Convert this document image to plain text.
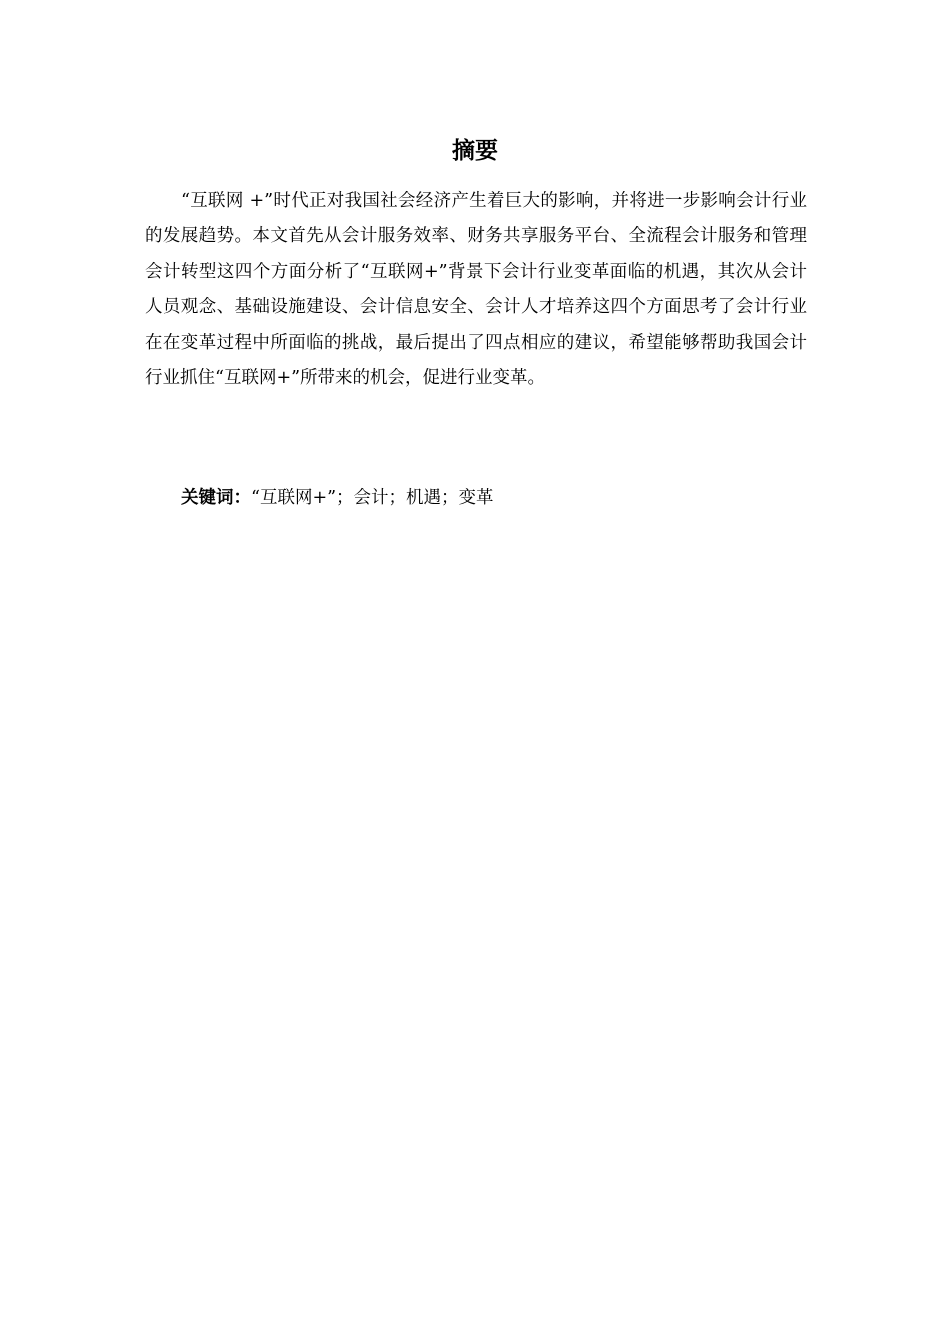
摘要

“互联网 +”时代正对我国社会经济产生着巨大的影响，并将进一步影响会计行业的发展趋势。本文首先从会计服务效率、财务共享服务平台、全流程会计服务和管理会计转型这四个方面分析了“互联网+”背景下会计行业变革面临的机遇，其次从会计人员观念、基础设施建设、会计信息安全、会计人才培养这四个方面思考了会计行业在在变革过程中所面临的挑战，最后提出了四点相应的建议，希望能够帮助我国会计行业抓住“互联网+”所带来的机会，促进行业变革。

关键词：“互联网+”；会计；机遇；变革
